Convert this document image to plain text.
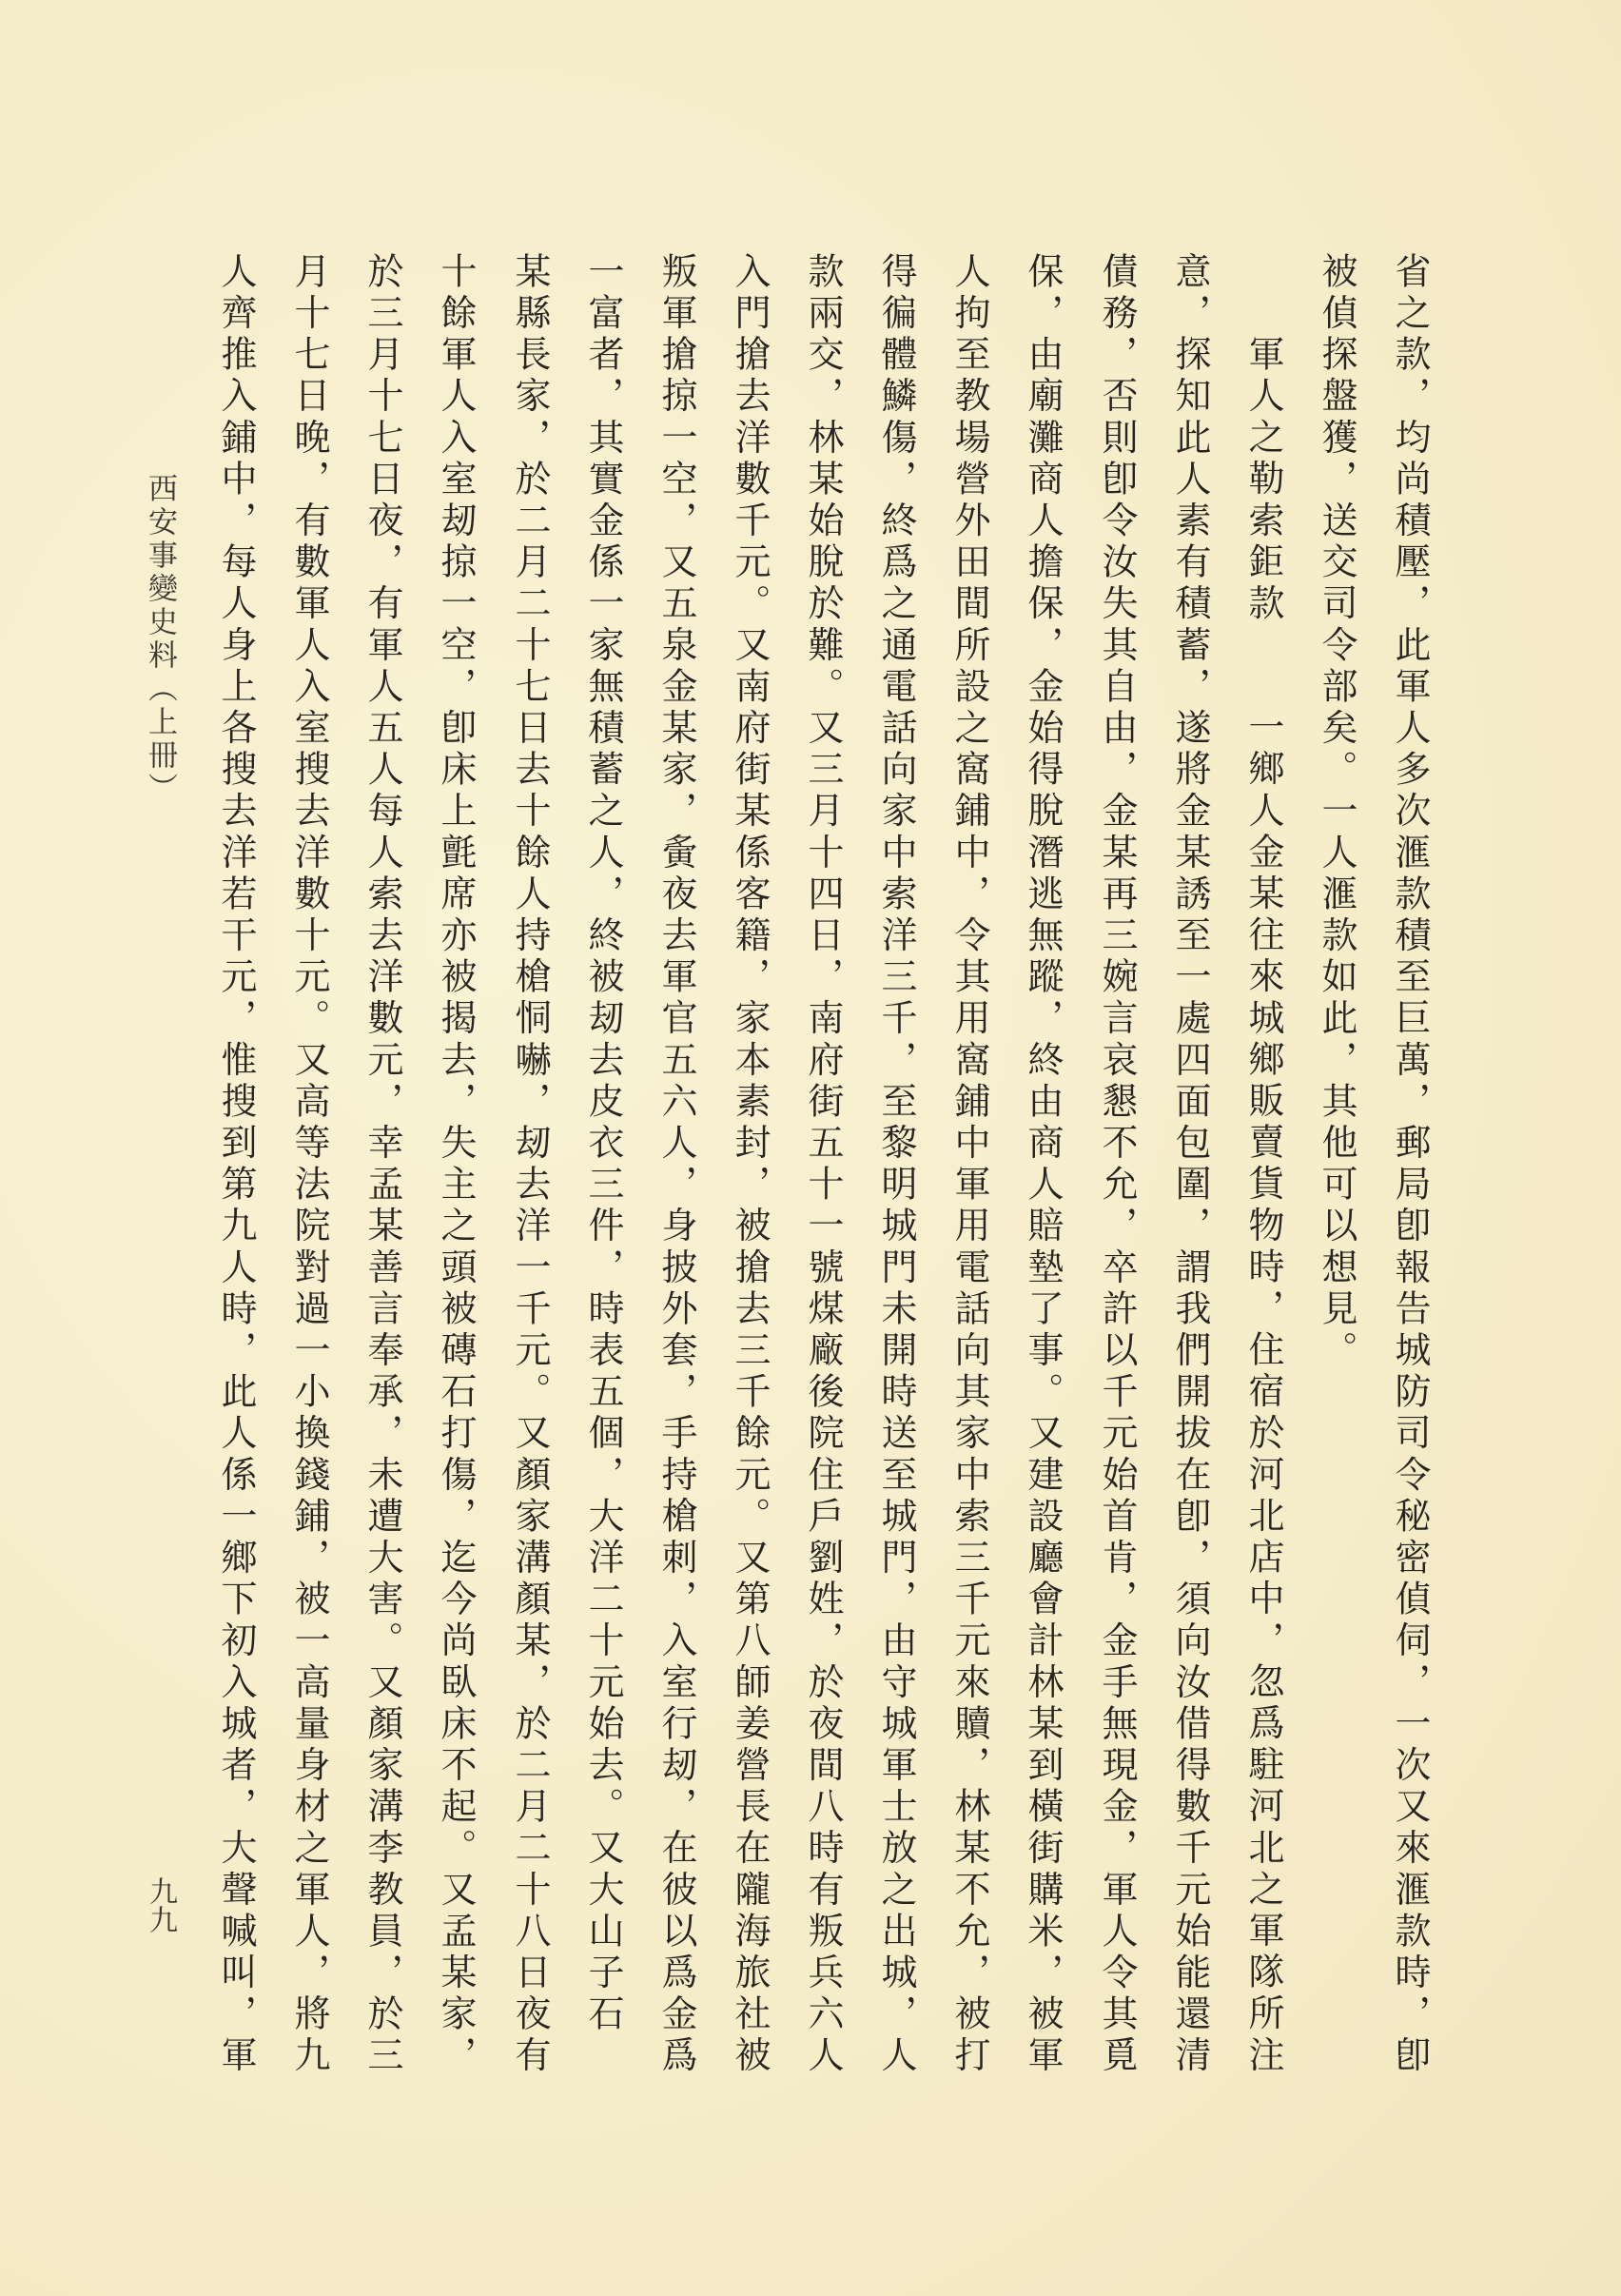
省之款，均尚積壓，此軍人多次滙款積至巨萬，郵局卽報告城防司令秘密偵伺，一次又來滙款時，卽
被偵探盤獲，送交司令部矣。一人滙款如此，其他可以想見。
軍人之勒索鉅款一鄉人金某往來城鄉販賣貨物時，住宿於河北店中，忽爲駐河北之軍隊所注
意，探知此人素有積蓄，遂將金某誘至一處四面包圍，謂我們開拔在卽，須向汝借得數千元始能還清
債務，否則卽令汝失其自由，金某再三婉言哀懇不允，卒許以千元始首肯，金手無現金，軍人令其覓
保，由廟灘商人擔保，金始得脫潛逃無蹤，終由商人賠墊了事。又建設廳會計林某到橫街購米，被軍
人拘至教場營外田間所設之窩鋪中，令其用窩鋪中軍用電話向其家中索三千元來贖，林某不允，被打
得徧體鱗傷，終爲之通電話向家中索洋三千，至黎明城門未開時送至城門，由守城軍士放之出城，人
款兩交，林某始脫於難。又三月十四日，南府街五十一號煤廠後院住戶劉姓，於夜間八時有叛兵六人
入門搶去洋數千元。又南府街某係客籍，家本素封，被搶去三千餘元。又第八師姜營長在隴海旅社被
叛軍搶掠一空，又五泉金某家，夤夜去軍官五六人，身披外套，手持槍刺，入室行刼，在彼以爲金爲
一富者，其實金係一家無積蓄之人，終被刼去皮衣三件，時表五個，大洋二十元始去。又大山子石
某縣長家，於二月二十七日去十餘人持槍恫嚇，刼去洋一千元。又顏家溝顏某，於二月二十八日夜有
十餘軍人入室刼掠一空，卽床上氈席亦被揭去，失主之頭被磚石打傷，迄今尚臥床不起。又孟某家，
於三月十七日夜，有軍人五人每人索去洋數元，幸孟某善言奉承，未遭大害。又顏家溝李教員，於三
月十七日晚，有數軍人入室搜去洋數十元。又高等法院對過一小換錢鋪，被一高量身材之軍人，將九
人齊推入鋪中，每人身上各搜去洋若干元，惟搜到第九人時，此人係一鄉下初入城者，大聲喊叫，軍
西安事變史料（上冊）
九九
